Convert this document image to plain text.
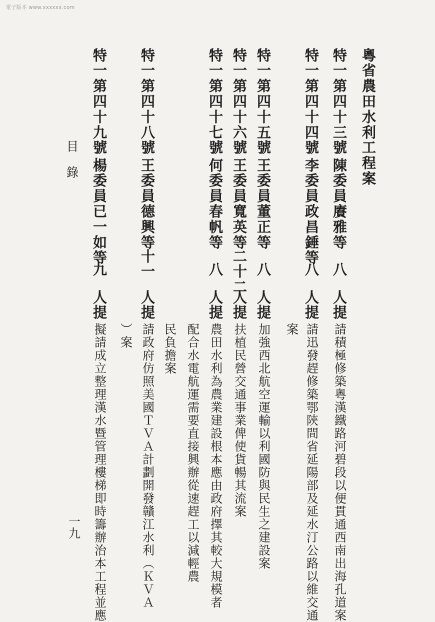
電子版本 www.xxxxxx.com
粵省農田水利工程案
特一第四十三號
陳委員賡雅等
八
人提
請積極修築粵漢鐵路河碧段以便貫通西南出海孔道案
特一第四十四號
李委員政昌錘等
八
人提
請迅發趕修築鄂陝間省延陽部及延水汀公路以維交通
案
特一第四十五號
王委員董正等
八
人提
加強西北航空運輸以利國防與民生之建設案
特一第四十六號
王委員寬英等
二十二
人提
扶植民營交通事業俾使貨暢其流案
特一第四十七號
何委員春帆等
八
人提
農田水利為農業建設根本應由政府擇其較大規模者
配合水電航運需要直接興辦從速趕工以減輕農
民負擔案
特一第四十八號
王委員德興等
十一
人提
請政府仿照美國ＴＶＡ計劃開發贛江水利（ＫＶＡ
）案
特一第四十九號
楊委員已一如等
九
人提
擬請成立整理漢水暨管理樓梯即時籌辦治本工程並應
目錄
一九
